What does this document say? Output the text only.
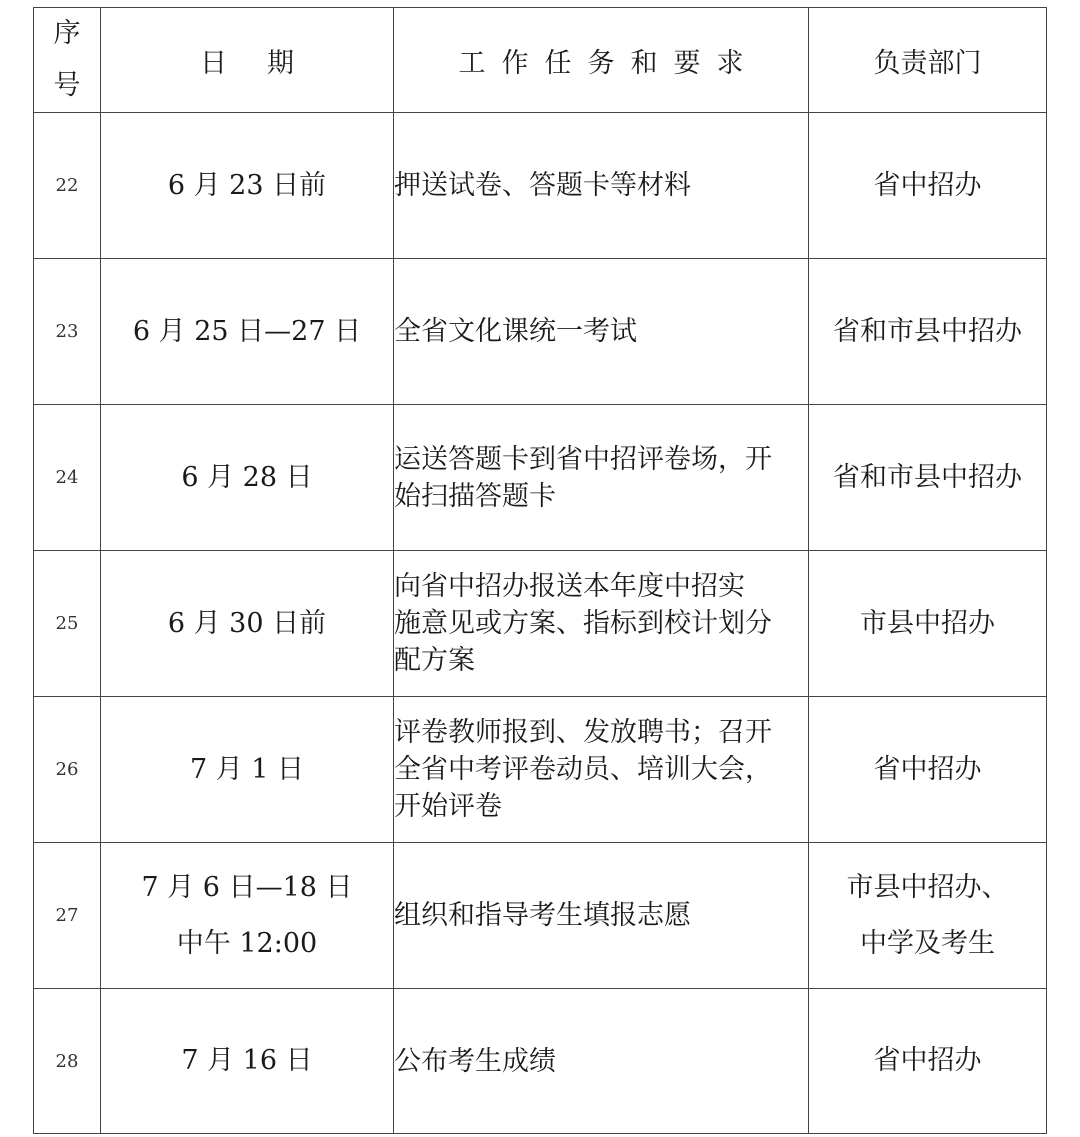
序
号	日期	工作任务和要求	负责部门
22	6 月 23 日前	押送试卷、答题卡等材料	省中招办

23	6 月 25 日—27 日	全省文化课统一考试	省和市县中招办

24	6 月 28 日	运送答题卡到省中招评卷场，开
始扫描答题卡	省和市县中招办

25	6 月 30 日前	向省中招办报送本年度中招实
施意见或方案、指标到校计划分
配方案	市县中招办

26	7 月 1 日	评卷教师报到、发放聘书；召开
全省中考评卷动员、培训大会，
开始评卷	省中招办

27	7 月 6 日—18 日
中午 12:00	组织和指导考生填报志愿	市县中招办、
中学及考生

28	7 月 16 日	公布考生成绩	省中招办
